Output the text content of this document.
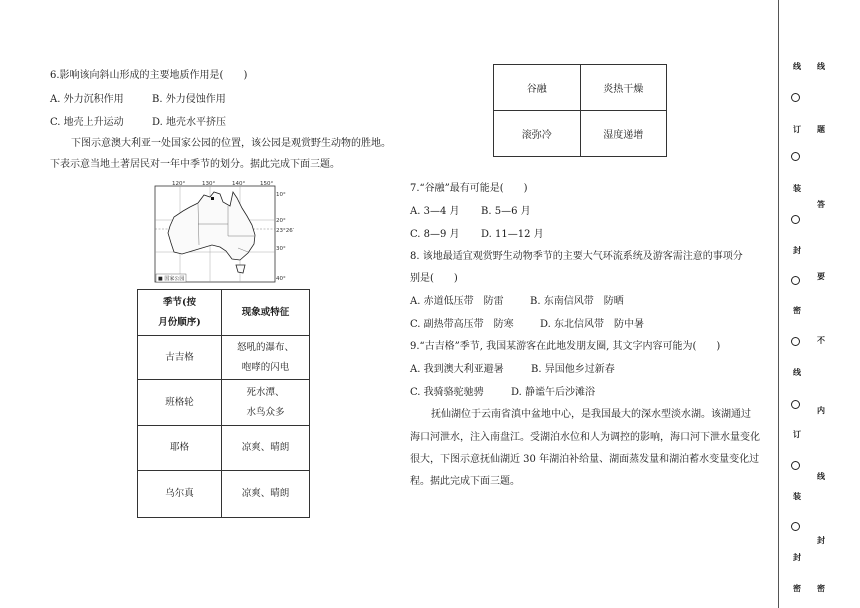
6.影响该向斜山形成的主要地质作用是(　　)
A. 外力沉积作用	B. 外力侵蚀作用
C. 地壳上升运动	D. 地壳水平挤压
下图示意澳大利亚一处国家公园的位置，该公园是观赏野生动物的胜地。
下表示意当地土著居民对一年中季节的划分。据此完成下面三题。
120°	130°	140°	150°
10°
20°
23°26′
30°
40°
■ 国家公园
季节(按
月份顺序)	现象或特征
古吉格	怒吼的瀑布、
咆哮的闪电

班格轮	死水潭、
水鸟众多

耶格	凉爽、晴朗
乌尔真	凉爽、晴朗
谷融	炎热干燥
滚弥冷	湿度递增
7.“谷融”最有可能是(　　)
A. 3—4 月 B. 5—6 月
C. 8—9 月 D. 11—12 月
8. 该地最适宜观赏野生动物季节的主要大气环流系统及游客需注意的事项分
别是(　　)
A. 赤道低压带　防雷	B. 东南信风带　防晒
C. 副热带高压带　防寒	D. 东北信风带　防中暑
9.“古吉格”季节, 我国某游客在此地发朋友圈, 其文字内容可能为(　　)
A. 我到澳大利亚避暑	B. 异国他乡过新春
C. 我骑骆驼驰骋	D. 静谧午后沙滩浴
抚仙湖位于云南省滇中盆地中心，是我国最大的深水型淡水湖。该湖通过
海口河泄水，注入南盘江。受湖泊水位和人为调控的影响，海口河下泄水量变化
很大，下图示意抚仙湖近 30 年湖泊补给量、湖面蒸发量和湖泊蓄水变量变化过
程。据此完成下面三题。
线
题
答
要
不
内
线
封
密
线
订
装
封
密
线
订
装
封
密
